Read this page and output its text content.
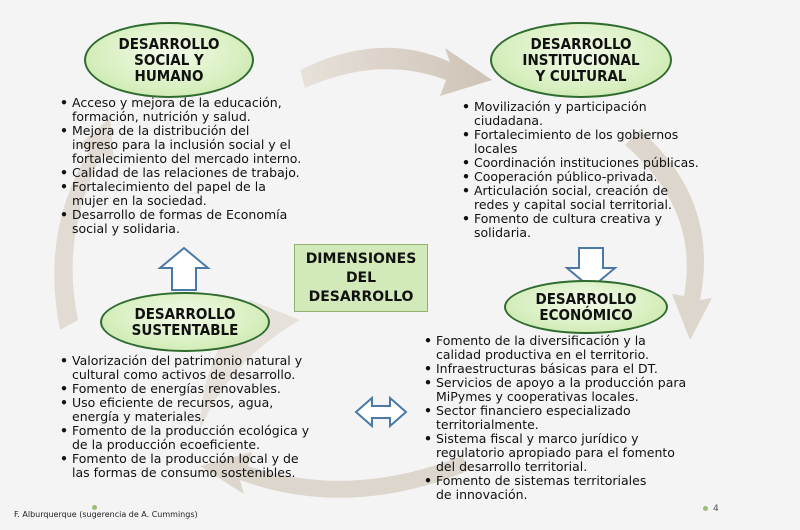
DESARROLLO
SOCIAL Y
HUMANO
• Acceso y mejora de la educación,
formación, nutrición y salud.
• Mejora de la distribución del
ingreso para la inclusión social y el
fortalecimiento del mercado interno.
• Calidad de las relaciones de trabajo.
• Fortalecimiento del papel de la
mujer en la sociedad.
• Desarrollo de formas de Economía
social y solidaria.
DESARROLLO
INSTITUCIONAL
Y CULTURAL
• Movilización y participación
ciudadana.
• Fortalecimiento de los gobiernos
locales
• Coordinación instituciones públicas.
• Cooperación público-privada.
• Articulación social, creación de
redes y capital social territorial.
• Fomento de cultura creativa y
solidaria.
DIMENSIONES
DEL
DESARROLLO
DESARROLLO
SUSTENTABLE
• Valorización del patrimonio natural y
cultural como activos de desarrollo.
• Fomento de energías renovables.
• Uso eficiente de recursos, agua,
energía y materiales.
• Fomento de la producción ecológica y
de la producción ecoeficiente.
• Fomento de la producción local y de
las formas de consumo sostenibles.
DESARROLLO
ECONÓMICO
• Fomento de la diversificación y la
calidad productiva en el territorio.
• Infraestructuras básicas para el DT.
• Servicios de apoyo a la producción para
MiPymes y cooperativas locales.
• Sector financiero especializado
territorialmente.
• Sistema fiscal y marco jurídico y
regulatorio apropiado para el fomento
del desarrollo territorial.
• Fomento de sistemas territoriales
de innovación.
F. Alburquerque (sugerencia de A. Cummings)
4
